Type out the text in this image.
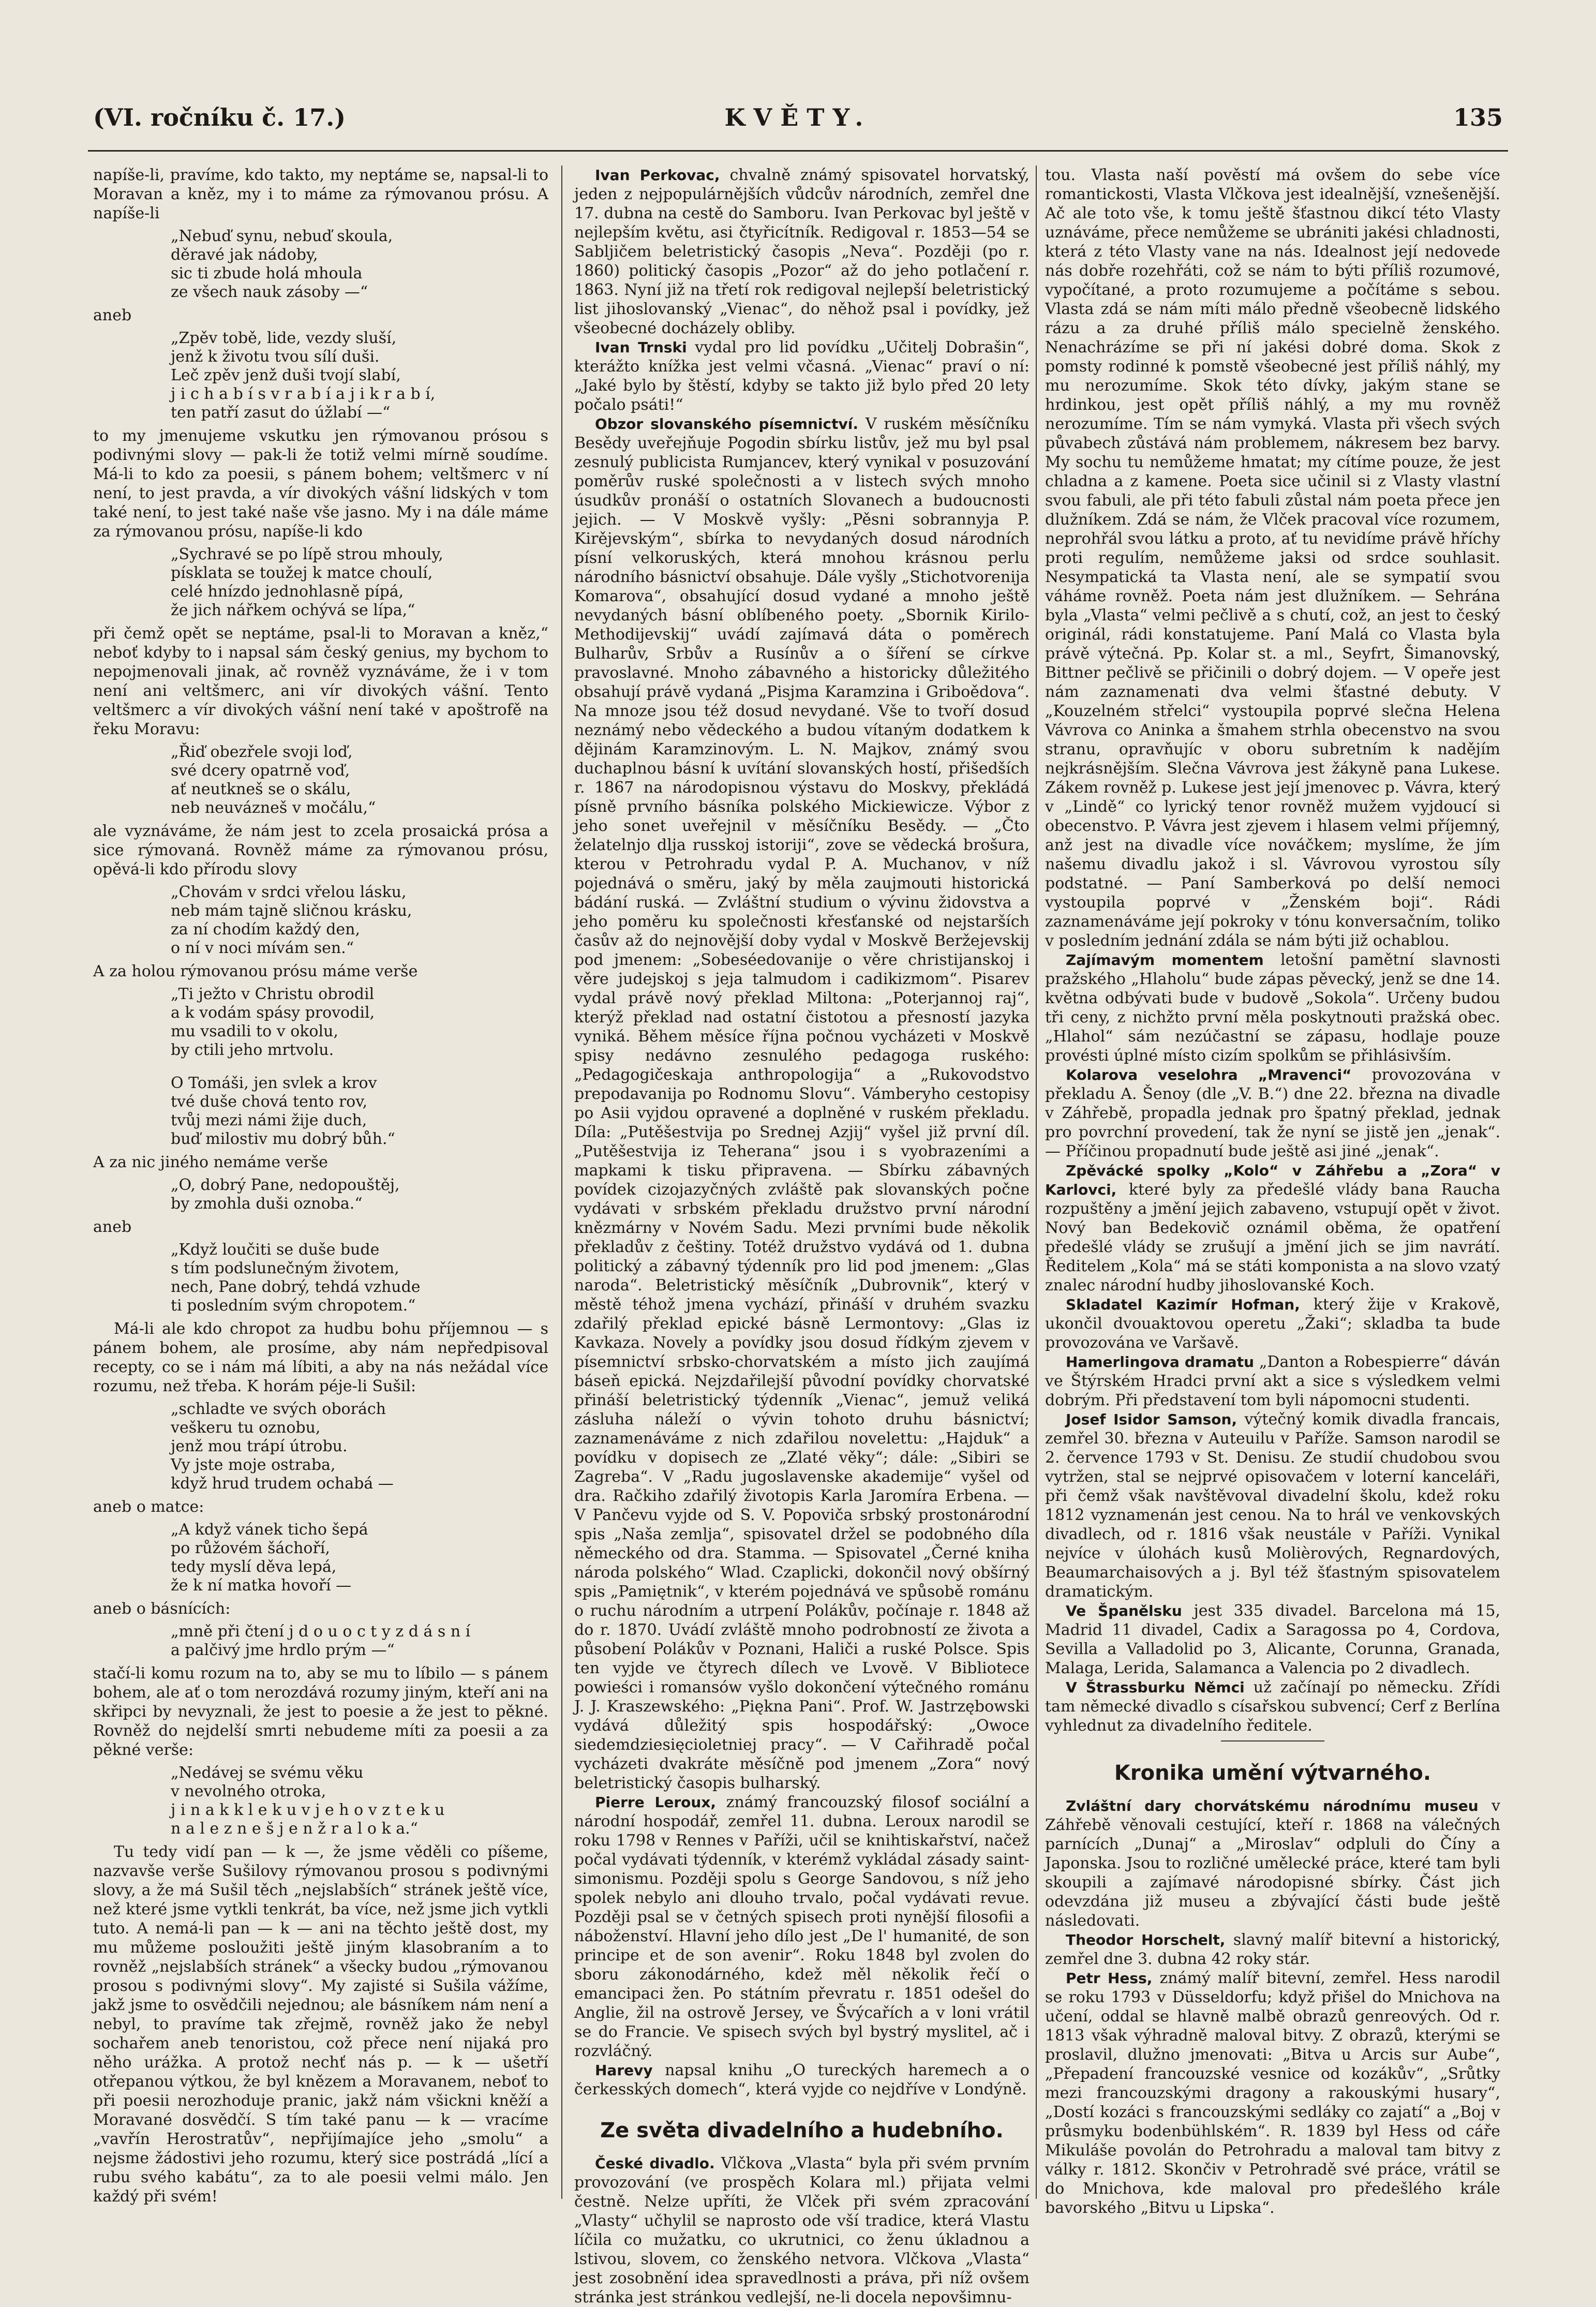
(VI. ročníku č. 17.)	KVĚTY.	135

napíše-li, pravíme, kdo takto, my neptáme se, napsal-li to Moravan a kněz, my i to máme za rýmovanou prósu. A napíše-li

„Nebuď synu, nebuď skoula,
děravé jak nádoby,
sic ti zbude holá mhoula
ze všech nauk zásoby —“

aneb

„Zpěv tobě, lide, vezdy sluší,
jenž k životu tvou sílí duši.
Leč zpěv jenž duši tvojí slabí,
j i c h a b í s v r a b í a j i k r a b í,
ten patří zasut do úžlabí —“

to my jmenujeme vskutku jen rýmovanou prósou s podivnými slovy — pak-li že totiž velmi mírně soudíme. Má-li to kdo za poesii, s pánem bohem; veltšmerc v ní není, to jest pravda, a vír divokých vášní lidských v tom také není, to jest také naše vše jasno. My i na dále máme za rýmovanou prósu, napíše-li kdo

„Sychravé se po lípě strou mhouly,
písklata se toužej k matce choulí,
celé hnízdo jednohlasně pípá,
že jich nářkem ochývá se lípa,“

při čemž opět se neptáme, psal-li to Moravan a kněz,“ neboť kdyby to i napsal sám český genius, my bychom to nepojmenovali jinak, ač rovněž vyznáváme, že i v tom není ani veltšmerc, ani vír divokých vášní. Tento veltšmerc a vír divokých vášní není také v apoštrofě na řeku Moravu:

„Řiď obezřele svoji loď,
své dcery opatrně voď,
ať neutkneš se o skálu,
neb neuvázneš v močálu,“

ale vyznáváme, že nám jest to zcela prosaická prósa a sice rýmovaná. Rovněž máme za rýmovanou prósu, opěvá-li kdo přírodu slovy

„Chovám v srdci vřelou lásku,
neb mám tajně sličnou krásku,
za ní chodím každý den,
o ní v noci mívám sen.“

A za holou rýmovanou prósu máme verše

„Ti ježto v Christu obrodil
a k vodám spásy provodil,
mu vsadili to v okolu,
by ctili jeho mrtvolu.
O Tomáši, jen svlek a krov
tvé duše chová tento rov,
tvůj mezi námi žije duch,
buď milostiv mu dobrý bůh.“

A za nic jiného nemáme verše

„O, dobrý Pane, nedopouštěj,
by zmohla duši oznoba.“

aneb

„Když loučiti se duše bude
s tím podslunečným životem,
nech, Pane dobrý, tehdá vzhude
ti posledním svým chropotem.“

Má-li ale kdo chropot za hudbu bohu příjemnou — s pánem bohem, ale prosíme, aby nám nepředpisoval recepty, co se i nám má líbiti, a aby na nás nežádal více rozumu, než třeba. K horám péje-li Sušil:

„schladte ve svých oborách
veškeru tu oznobu,
jenž mou trápí útrobu.
Vy jste moje ostraba,
když hrud trudem ochabá —

aneb o matce:

„A když vánek ticho šepá
po růžovém šáchoří,
tedy myslí děva lepá,
že k ní matka hovoří —

aneb o básnících:

„mně při čtení j d o u o c t y z d á s n í
a palčivý jme hrdlo prým —“

stačí-li komu rozum na to, aby se mu to líbilo — s pánem bohem, ale ať o tom nerozdává rozumy jiným, kteří ani na skřipci by nevyznali, že jest to poesie a že jest to pěkné. Rovněž do nejdelší smrti nebudeme míti za poesii a za pěkné verše:

„Nedávej se svému věku
v nevolného otroka,
j i n a k k l e k u v j e h o v z t e k u
n a l e z n e š j e n ž r a l o k a.“

Tu tedy vidí pan — k —, že jsme věděli co píšeme, nazvavše verše Sušilovy rýmovanou prosou s podivnými slovy, a že má Sušil těch „nejslabších“ stránek ještě více, než které jsme vytkli tenkrát, ba více, než jsme jich vytkli tuto. A nemá-li pan — k — ani na těchto ještě dost, my mu můžeme posloužiti ještě jiným klasobraním a to rovněž „nejslabších stránek“ a všecky budou „rýmovanou prosou s podivnými slovy“. My zajisté si Sušila vážíme, jakž jsme to osvědčili nejednou; ale básníkem nám není a nebyl, to pravíme tak zřejmě, rovněž jako že nebyl sochařem aneb tenoristou, což přece není nijaká pro něho urážka. A protož nechť nás p. — k — ušetří otřepanou výtkou, že byl knězem a Moravanem, neboť to při poesii nerozhoduje pranic, jakž nám všickni kněží a Moravané dosvědčí. S tím také panu — k — vracíme „vavřín Herostratův“, nepřijímajíce jeho „smolu“ a nejsme žádostivi jeho rozumu, který sice postrádá „lící a rubu svého kabátu“, za to ale poesii velmi málo. Jen každý při svém!

Ivan Perkovac, chvalně známý spisovatel horvatský, jeden z nejpopulárnějších vůdcův národních, zemřel dne 17. dubna na cestě do Samboru. Ivan Perkovac byl ještě v nejlepším květu, asi čtyřicítník. Redigoval r. 1853—54 se Sabljičem beletristický časopis „Neva“. Později (po r. 1860) politický časopis „Pozor“ až do jeho potlačení r. 1863. Nyní již na třetí rok redigoval nejlepší beletristický list jihoslovanský „Vienac“, do něhož psal i povídky, jež všeobecné docházely obliby.

Ivan Trnski vydal pro lid povídku „Učitelj Dobrašin“, kterážto knížka jest velmi včasná. „Vienac“ praví o ní: „Jaké bylo by štěstí, kdyby se takto již bylo před 20 lety počalo psáti!“

Obzor slovanského písemnictví. V ruském měsíčníku Besědy uveřejňuje Pogodin sbírku listův, jež mu byl psal zesnulý publicista Rumjancev, který vynikal v posuzování poměrův ruské společnosti a v listech svých mnoho úsudkův pronáší o ostatních Slovanech a budoucnosti jejich. — V Moskvě vyšly: „Pěsni sobrannyja P. Kirějevským“, sbírka to nevydaných dosud národních písní velkoruských, která mnohou krásnou perlu národního básnictví obsahuje. Dále vyšly „Stichotvorenija Komarova“, obsahující dosud vydané a mnoho ještě nevydaných básní oblíbeného poety. „Sbornik Kirilo-Methodijevskij“ uvádí zajímavá dáta o poměrech Bulharův, Srbův a Rusínův a o šíření se církve pravoslavné. Mnoho zábavného a historicky důležitého obsahují právě vydaná „Pisjma Karamzina i Griboědova“. Na mnoze jsou též dosud nevydané. Vše to tvoří dosud neznámý nebo vědeckého a budou vítaným dodatkem k dějinám Karamzinovým. L. N. Majkov, známý svou duchaplnou básní k uvítání slovanských hostí, přišedších r. 1867 na národopisnou výstavu do Moskvy, překládá písně prvního básníka polského Mickiewicze. Výbor z jeho sonet uveřejnil v měsíčníku Besědy. — „Čto želatelnjo dlja russkoj istoriji“, zove se vědecká brošura, kterou v Petrohradu vydal P. A. Muchanov, v níž pojednává o směru, jaký by měla zaujmouti historická bádání ruská. — Zvláštní studium o vývinu židovstva a jeho poměru ku společnosti křesťanské od nejstarších časův až do nejnovější doby vydal v Moskvě Beržejevskij pod jmenem: „Sobeséedovanije o věre christijanskoj i věre judejskoj s jeja talmudom i cadikizmom“. Pisarev vydal právě nový překlad Miltona: „Poterjannoj raj“, kterýž překlad nad ostatní čistotou a přesností jazyka vyniká. Během měsíce října počnou vycházeti v Moskvě spisy nedávno zesnulého pedagoga ruského: „Pedagogičeskaja anthropologija“ a „Rukovodstvo prepodavanija po Rodnomu Slovu“. Vámberyho cestopisy po Asii vyjdou opravené a doplněné v ruském překladu. Díla: „Putěšestvija po Srednej Azjij“ vyšel již první díl. „Putěšestvija iz Teherana“ jsou i s vyobrazeními a mapkami k tisku připravena. — Sbírku zábavných povídek cizojazyčných zvláště pak slovanských počne vydávati v srbském překladu družstvo první národní knězmárny v Novém Sadu. Mezi prvními bude několik překladův z češtiny. Totéž družstvo vydává od 1. dubna politický a zábavný týdenník pro lid pod jmenem: „Glas naroda“. Beletristický měsíčník „Dubrovnik“, který v městě téhož jmena vychází, přináší v druhém svazku zdařilý překlad epické básně Lermontovy: „Glas iz Kavkaza. Novely a povídky jsou dosud řídkým zjevem v písemnictví srbsko-chorvatském a místo jich zaujímá báseň epická. Nejzdařilejší původní povídky chorvatské přináší beletristický týdenník „Vienac“, jemuž veliká zásluha náleží o vývin tohoto druhu básnictví; zaznamenáváme z nich zdařilou novelettu: „Hajduk“ a povídku v dopisech ze „Zlaté věky“; dále: „Sibiri se Zagreba“. V „Radu jugoslavenske akademije“ vyšel od dra. Račkiho zdařilý životopis Karla Jaromíra Erbena. — V Pančevu vyjde od S. V. Popoviča srbský prostonárodní spis „Naša zemlja“, spisovatel držel se podobného díla německého od dra. Stamma. — Spisovatel „Černé kniha národa polského“ Wlad. Czaplicki, dokončil nový obšírný spis „Pamiętnik“, v kterém pojednává ve spůsobě románu o ruchu národním a utrpení Polákův, počínaje r. 1848 až do r. 1870. Uvádí zvláště mnoho podrobností ze života a působení Polákův v Poznani, Haliči a ruské Polsce. Spis ten vyjde ve čtyrech dílech ve Lvově. V Bibliotece powieści i romansów vyšlo dokončení výtečného románu J. J. Kraszewského: „Piękna Pani“. Prof. W. Jastrzębowski vydává důležitý spis hospodářský: „Owoce siedemdziesięcioletniej pracy“. — V Cařihradě počal vycházeti dvakráte měsíčně pod jmenem „Zora“ nový beletristický časopis bulharský.

Pierre Leroux, známý francouzský filosof sociální a národní hospodář, zemřel 11. dubna. Leroux narodil se roku 1798 v Rennes v Paříži, učil se knihtiskařství, načež počal vydávati týdenník, v kterémž vykládal zásady saint-simonismu. Později spolu s George Sandovou, s níž jeho spolek nebylo ani dlouho trvalo, počal vydávati revue. Později psal se v četných spisech proti nynější filosofii a náboženství. Hlavní jeho dílo jest „De l' humanité, de son principe et de son avenir“. Roku 1848 byl zvolen do sboru zákonodárného, kdež měl několik řečí o emancipaci žen. Po státním převratu r. 1851 odešel do Anglie, žil na ostrově Jersey, ve Švýcařích a v loni vrátil se do Francie. Ve spisech svých byl bystrý myslitel, ač i rozvláčný.

Harevy napsal knihu „O tureckých haremech a o čerkesských domech“, která vyjde co nejdříve v Londýně.

Ze světa divadelního a hudebního.

České divadlo. Vlčkova „Vlasta“ byla při svém prvním provozování (ve prospěch Kolara ml.) přijata velmi čestně. Nelze upříti, že Vlček při svém zpracování „Vlasty“ učhylil se naprosto ode vší tradice, která Vlastu líčila co mužatku, co ukrutnici, co ženu úkladnou a lstivou, slovem, co ženského netvora. Vlčkova „Vlasta“ jest zosobnění idea spravedlnosti a práva, při níž ovšem stránka jest stránkou vedlejší, ne-li docela nepovšimnu-

tou. Vlasta naší pověstí má ovšem do sebe více romantickosti, Vlasta Vlčkova jest idealnější, vznešenější. Ač ale toto vše, k tomu ještě šťastnou dikcí této Vlasty uznáváme, přece nemůžeme se ubrániti jakési chladnosti, která z této Vlasty vane na nás. Idealnost její nedovede nás dobře rozehřáti, což se nám to býti příliš rozumové, vypočítané, a proto rozumujeme a počítáme s sebou. Vlasta zdá se nám míti málo předně všeobecně lidského rázu a za druhé příliš málo specielně ženského. Nenachrázíme se při ní jakési dobré doma. Skok z pomsty rodinné k pomstě všeobecné jest příliš náhlý, my mu nerozumíme. Skok této dívky, jakým stane se hrdinkou, jest opět příliš náhlý, a my mu rovněž nerozumíme. Tím se nám vymyká. Vlasta při všech svých půvabech zůstává nám problemem, nákresem bez barvy. My sochu tu nemůžeme hmatat; my cítíme pouze, že jest chladna a z kamene. Poeta sice učinil si z Vlasty vlastní svou fabuli, ale při této fabuli zůstal nám poeta přece jen dlužníkem. Zdá se nám, že Vlček pracoval více rozumem, neprohřál svou látku a proto, ať tu nevidíme právě hříchy proti regulím, nemůžeme jaksi od srdce souhlasit. Nesympatická ta Vlasta není, ale se sympatií svou váháme rovněž. Poeta nám jest dlužníkem. — Sehrána byla „Vlasta“ velmi pečlivě a s chutí, což, an jest to český originál, rádi konstatujeme. Paní Malá co Vlasta byla právě výtečná. Pp. Kolar st. a ml., Seyfrt, Šimanovský, Bittner pečlivě se přičinili o dobrý dojem. — V opeře jest nám zaznamenati dva velmi šťastné debuty. V „Kouzelném střelci“ vystoupila poprvé slečna Helena Vávrova co Aninka a šmahem strhla obecenstvo na svou stranu, opravňujíc v oboru subretním k nadějím nejkrásnějším. Slečna Vávrova jest žákyně pana Lukese. Zákem rovněž p. Lukese jest její jmenovec p. Vávra, který v „Lindě“ co lyrický tenor rovněž mužem vyjdoucí si obecenstvo. P. Vávra jest zjevem i hlasem velmi příjemný, anž jest na divadle více nováčkem; myslíme, že jím našemu divadlu jakož i sl. Vávrovou vyrostou síly podstatné. — Paní Samberková po delší nemoci vystoupila poprvé v „Ženském boji“. Rádi zaznamenáváme její pokroky v tónu konversačním, toliko v posledním jednání zdála se nám býti již ochablou.

Zajímavým momentem letošní pamětní slavnosti pražského „Hlaholu“ bude zápas pěvecký, jenž se dne 14. května odbývati bude v budově „Sokola“. Určeny budou tři ceny, z nichžto první měla poskytnouti pražská obec. „Hlahol“ sám nezúčastní se zápasu, hodlaje pouze provésti úplné místo cizím spolkům se přihlásivším.

Kolarova veselohra „Mravenci“ provozována v překladu A. Šenoy (dle „V. B.“) dne 22. března na divadle v Záhřebě, propadla jednak pro špatný překlad, jednak pro povrchní provedení, tak že nyní se jistě jen „jenak“. — Příčinou propadnutí bude ještě asi jiné „jenak“.

Zpěvácké spolky „Kolo“ v Záhřebu a „Zora“ v Karlovci, které byly za předešlé vlády bana Raucha rozpuštěny a jmění jejich zabaveno, vstupují opět v život. Nový ban Bedekovič oznámil oběma, že opatření předešlé vlády se zrušují a jmění jich se jim navrátí. Ředitelem „Kola“ má se státi komponista a na slovo vzatý znalec národní hudby jihoslovanské Koch.

Skladatel Kazimír Hofman, který žije v Krakově, ukončil dvouaktovou operetu „Žaki“; skladba ta bude provozována ve Varšavě.

Hamerlingova dramatu „Danton a Robespierre“ dáván ve Štýrském Hradci první akt a sice s výsledkem velmi dobrým. Při představení tom byli nápomocni studenti.

Josef Isidor Samson, výtečný komik divadla francais, zemřel 30. března v Auteuilu v Paříže. Samson narodil se 2. července 1793 v St. Denisu. Ze studií chudobou svou vytržen, stal se nejprvé opisovačem v loterní kanceláři, při čemž však navštěvoval divadelní školu, kdež roku 1812 vyznamenán jest cenou. Na to hrál ve venkovských divadlech, od r. 1816 však neustále v Paříži. Vynikal nejvíce v úlohách kusů Molièrových, Regnardových, Beaumarchaisových a j. Byl též šťastným spisovatelem dramatickým.

Ve Španělsku jest 335 divadel. Barcelona má 15, Madrid 11 divadel, Cadix a Saragossa po 4, Cordova, Sevilla a Valladolid po 3, Alicante, Corunna, Granada, Malaga, Lerida, Salamanca a Valencia po 2 divadlech.

V Štrassburku Němci už začínají po německu. Zřídi tam německé divadlo s císařskou subvencí; Cerf z Berlína vyhlednut za divadelního ředitele.

Kronika umění výtvarného.

Zvláštní dary chorvátskému národnímu museu v Záhřebě věnovali cestující, kteří r. 1868 na válečných parnících „Dunaj“ a „Miroslav“ odpluli do Číny a Japonska. Jsou to rozličné umělecké práce, které tam byli skoupili a zajímavé národopisné sbírky. Část jich odevzdána již museu a zbývající části bude ještě následovati.

Theodor Horschelt, slavný malíř bitevní a historický, zemřel dne 3. dubna 42 roky stár.

Petr Hess, známý malíř bitevní, zemřel. Hess narodil se roku 1793 v Düsseldorfu; když přišel do Mnichova na učení, oddal se hlavně malbě obrazů genreových. Od r. 1813 však výhradně maloval bitvy. Z obrazů, kterými se proslavil, dlužno jmenovati: „Bitva u Arcis sur Aube“, „Přepadení francouzské vesnice od kozákův“, „Srůtky mezi francouzskými dragony a rakouskými husary“, „Dostí kozáci s francouzskými sedláky co zajatí“ a „Boj v průsmyku bodenbühlském“. R. 1839 byl Hess od cáře Mikuláše povolán do Petrohradu a maloval tam bitvy z války r. 1812. Skončiv v Petrohradě své práce, vrátil se do Mnichova, kde maloval pro předešlého krále bavorského „Bitvu u Lipska“.
